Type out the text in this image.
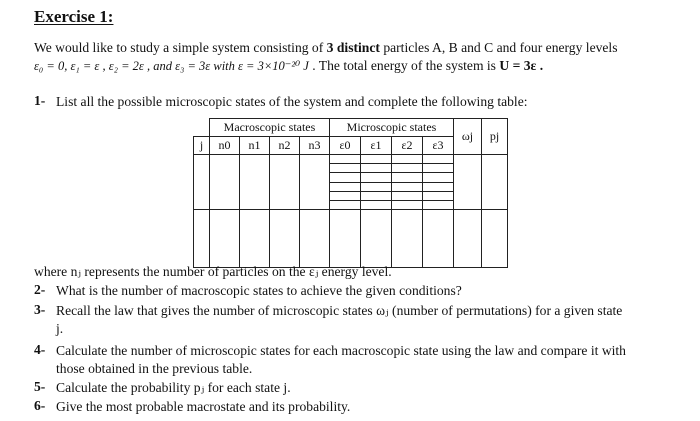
Exercise 1:
We would like to study a simple system consisting of 3 distinct particles A, B and C and four energy levels
ε₀ = 0, ε₁ = ε , ε₂ = 2ε , and ε₃ = 3ε with ε = 3×10⁻²⁰ J . The total energy of the system is U = 3ε .
1- List all the possible microscopic states of the system and complete the following table:
	Macroscopic states				Microscopic states				ωj	pj
j	n0	n1	n2	n3	ε0	ε1	ε2	ε3		

where nⱼ represents the number of particles on the εⱼ energy level.
2- What is the number of macroscopic states to achieve the given conditions?
3- Recall the law that gives the number of microscopic states ωⱼ (number of permutations) for a given state
j.
4- Calculate the number of microscopic states for each macroscopic state using the law and compare it with
those obtained in the previous table.
5- Calculate the probability pⱼ for each state j.
6- Give the most probable macrostate and its probability.
